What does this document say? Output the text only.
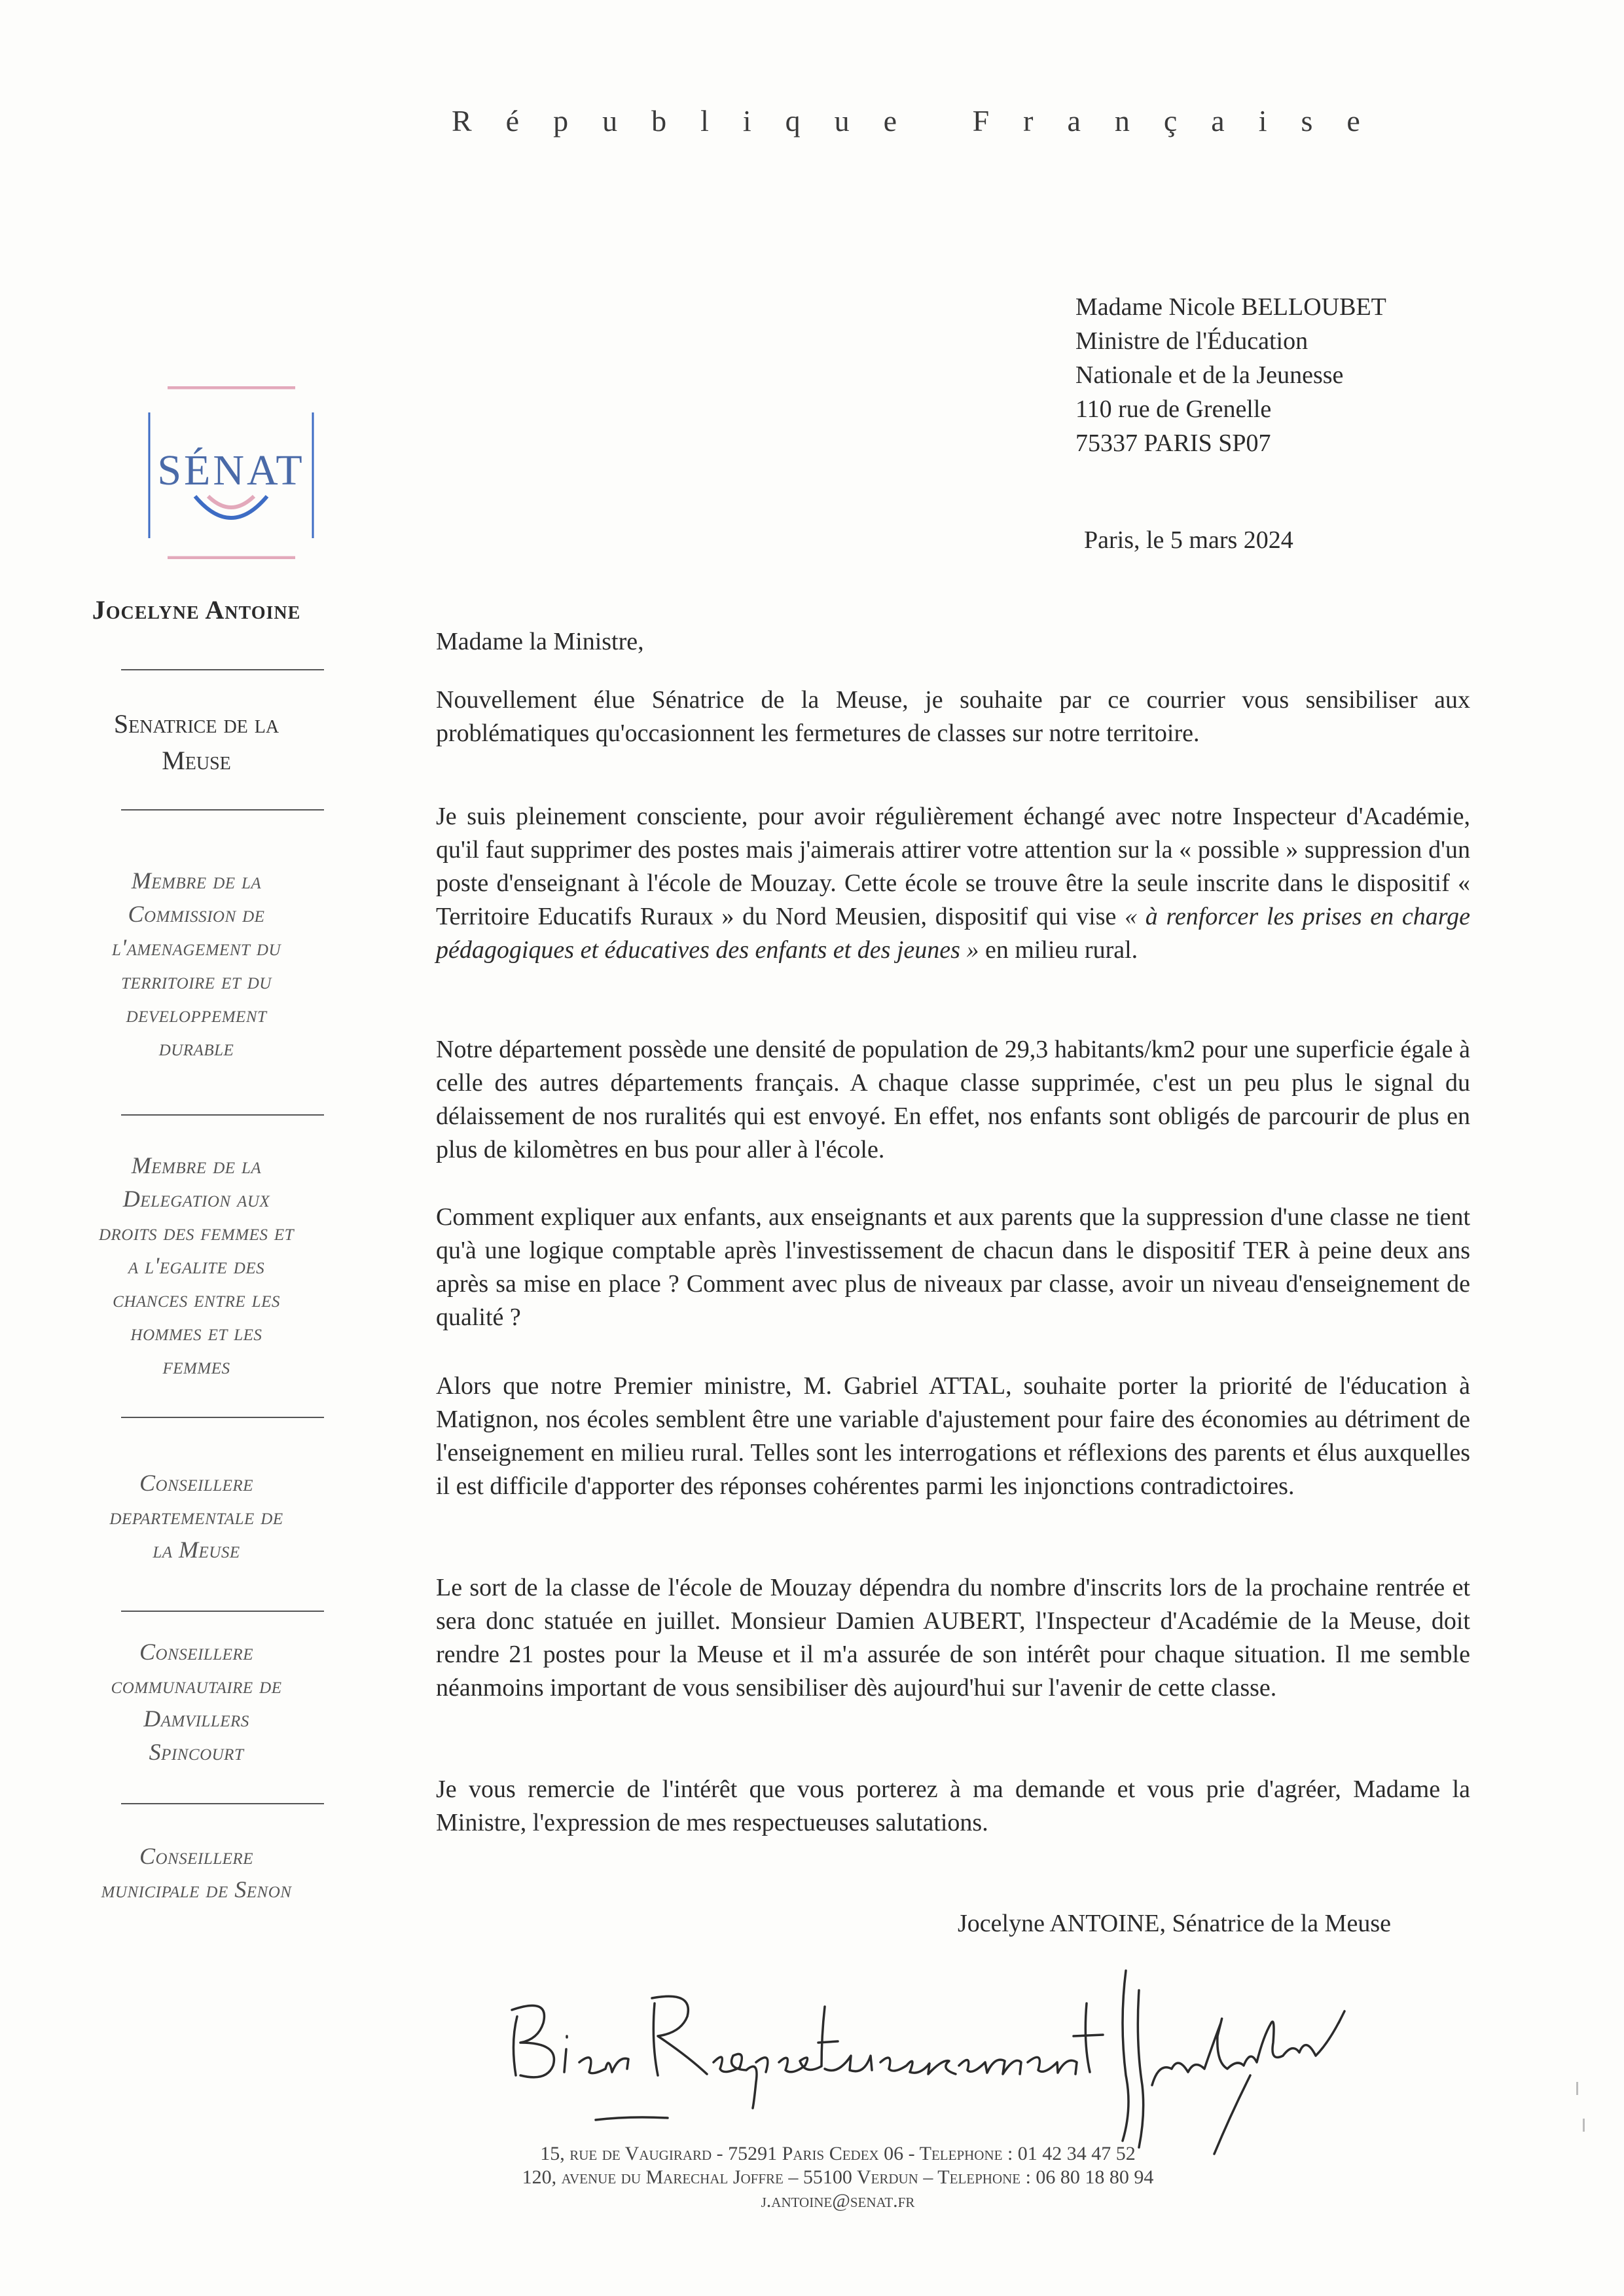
République Française
SÉNAT
Jocelyne Antoine
Senatrice de la
Meuse
Membre de la
Commission de
l'amenagement du
territoire et du
developpement
durable
Membre de la
Delegation aux
droits des femmes et
a l'egalite des
chances entre les
hommes et les
femmes
Conseillere
departementale de
la Meuse
Conseillere
communautaire de
Damvillers
Spincourt
Conseillere
municipale de Senon
Madame Nicole BELLOUBET
Ministre de l'Éducation
Nationale et de la Jeunesse
110 rue de Grenelle
75337 PARIS SP07
Paris, le 5 mars 2024
Madame la Ministre,

Nouvellement élue Sénatrice de la Meuse, je souhaite par ce courrier vous sensibiliser aux problématiques qu'occasionnent les fermetures de classes sur notre territoire.

Je suis pleinement consciente, pour avoir régulièrement échangé avec notre Inspecteur d'Académie, qu'il faut supprimer des postes mais j'aimerais attirer votre attention sur la « possible » suppression d'un poste d'enseignant à l'école de Mouzay. Cette école se trouve être la seule inscrite dans le dispositif « Territoire Educatifs Ruraux » du Nord Meusien, dispositif qui vise « à renforcer les prises en charge pédagogiques et éducatives des enfants et des jeunes » en milieu rural.

Notre département possède une densité de population de 29,3 habitants/km2 pour une superficie égale à celle des autres départements français. A chaque classe supprimée, c'est un peu plus le signal du délaissement de nos ruralités qui est envoyé. En effet, nos enfants sont obligés de parcourir de plus en plus de kilomètres en bus pour aller à l'école.

Comment expliquer aux enfants, aux enseignants et aux parents que la suppression d'une classe ne tient qu'à une logique comptable après l'investissement de chacun dans le dispositif TER à peine deux ans après sa mise en place ? Comment avec plus de niveaux par classe, avoir un niveau d'enseignement de qualité ?

Alors que notre Premier ministre, M. Gabriel ATTAL, souhaite porter la priorité de l'éducation à Matignon, nos écoles semblent être une variable d'ajustement pour faire des économies au détriment de l'enseignement en milieu rural. Telles sont les interrogations et réflexions des parents et élus auxquelles il est difficile d'apporter des réponses cohérentes parmi les injonctions contradictoires.

Le sort de la classe de l'école de Mouzay dépendra du nombre d'inscrits lors de la prochaine rentrée et sera donc statuée en juillet. Monsieur Damien AUBERT, l'Inspecteur d'Académie de la Meuse, doit rendre 21 postes pour la Meuse et il m'a assurée de son intérêt pour chaque situation. Il me semble néanmoins important de vous sensibiliser dès aujourd'hui sur l'avenir de cette classe.

Je vous remercie de l'intérêt que vous porterez à ma demande et vous prie d'agréer, Madame la Ministre, l'expression de mes respectueuses salutations.

Jocelyne ANTOINE, Sénatrice de la Meuse
15, rue de Vaugirard - 75291 Paris Cedex 06 - Telephone : 01 42 34 47 52
120, avenue du Marechal Joffre – 55100 Verdun – Telephone : 06 80 18 80 94
j.antoine@senat.fr
